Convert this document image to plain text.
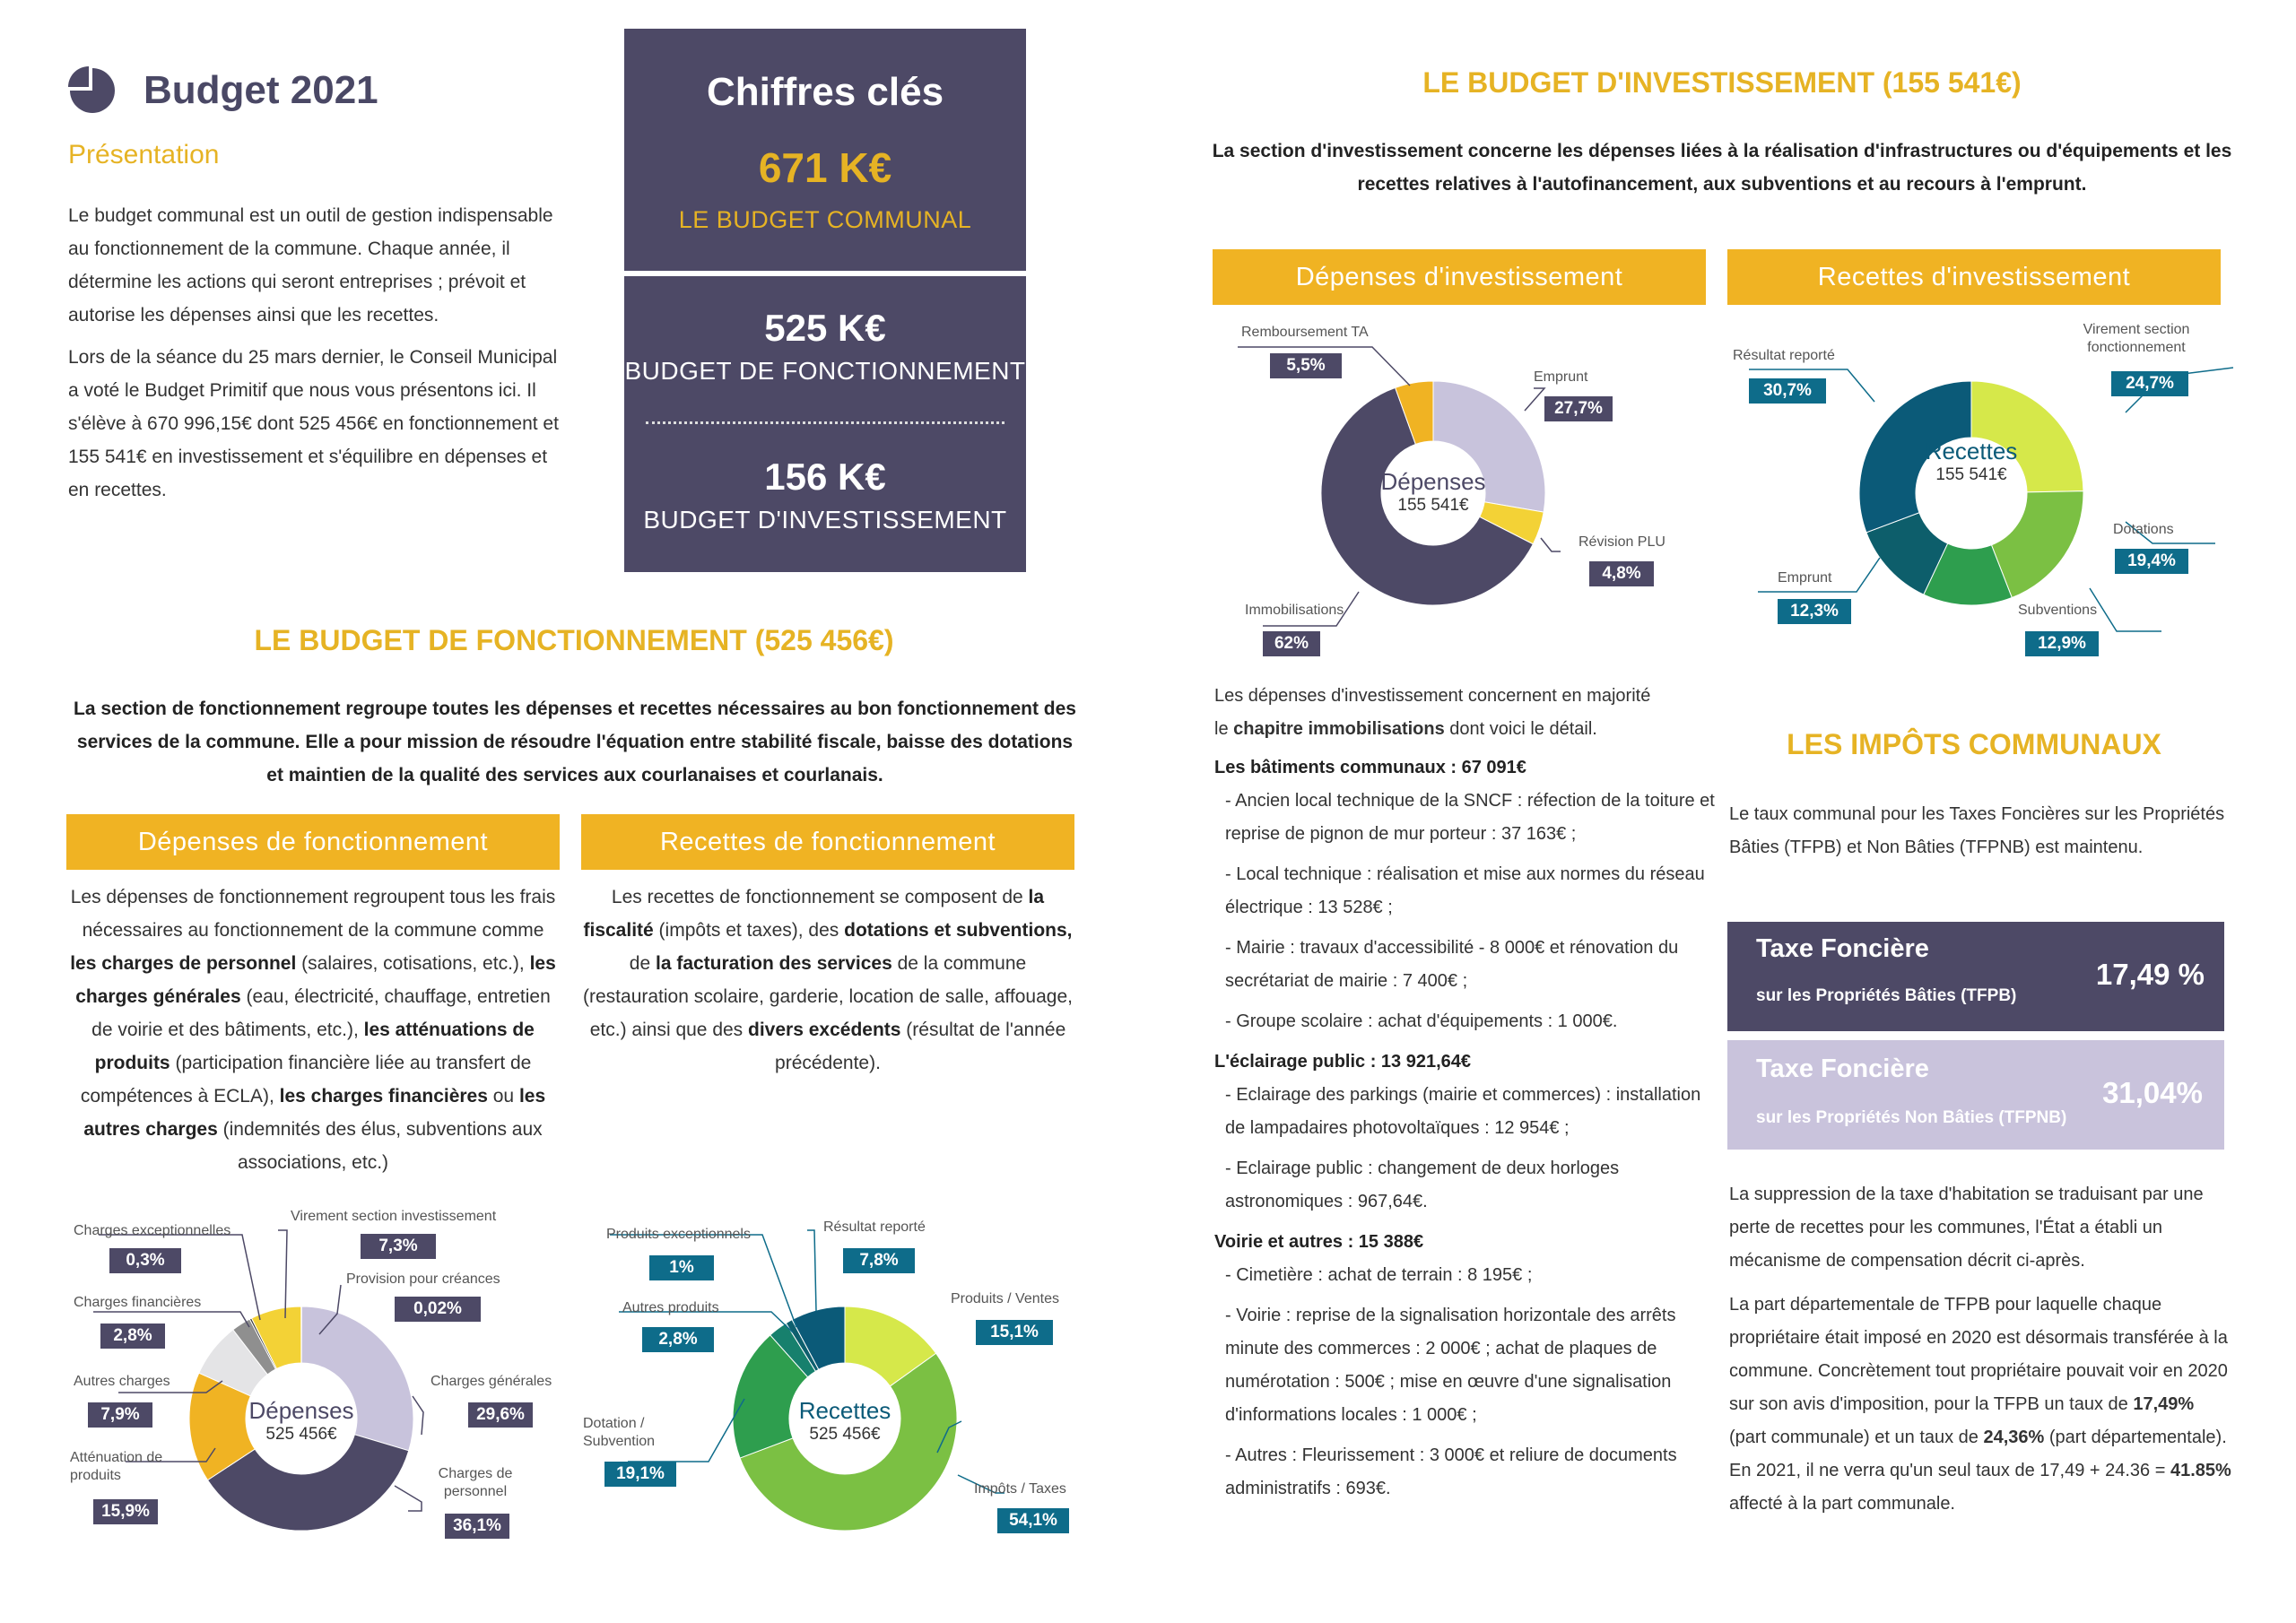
Budget 2021
Présentation

Le budget communal est un outil de gestion indispensable au fonctionnement de la commune. Chaque année, il détermine les actions qui seront entreprises ; prévoit et autorise les dépenses ainsi que les recettes.

Lors de la séance du 25 mars dernier, le Conseil Municipal a voté le Budget Primitif que nous vous présentons ici. Il s'élève à 670 996,15€ dont 525 456€ en fonctionnement et 155 541€ en investissement et s'équilibre en dépenses et en recettes.

Chiffres clés
671 K€
LE BUDGET COMMUNAL
525 K€
BUDGET DE FONCTIONNEMENT
156 K€
BUDGET D'INVESTISSEMENT
LE BUDGET DE FONCTIONNEMENT (525 456€)
La section de fonctionnement regroupe toutes les dépenses et recettes nécessaires au bon fonctionnement des services de la commune. Elle a pour mission de résoudre l'équation entre stabilité fiscale, baisse des dotations et maintien de la qualité des services aux courlanaises et courlanais.
Dépenses de fonctionnement	Recettes de fonctionnement
Les dépenses de fonctionnement regroupent tous les frais nécessaires au fonctionnement de la commune comme les charges de personnel (salaires, cotisations, etc.), les charges générales (eau, électricité, chauffage, entretien de voirie et des bâtiments, etc.), les atténuations de produits (participation financière liée au transfert de compétences à ECLA), les charges financières ou les autres charges (indemnités des élus, subventions aux associations, etc.)
Les recettes de fonctionnement se composent de la fiscalité (impôts et taxes), des dotations et subventions, de la facturation des services de la commune (restauration scolaire, garderie, location de salle, affouage, etc.) ainsi que des divers excédents (résultat de l'année précédente).
Dépenses
525 456€
Charges exceptionnelles
0,3%
Charges financières
2,8%
Autres charges
7,9%
Atténuation de produits
15,9%
Virement section investissement
7,3%
Provision pour créances
0,02%
Charges générales
29,6%
Charges de personnel
36,1%
Recettes
525 456€
Produits exceptionnels
1%
Autres produits
2,8%
Dotation / Subvention
19,1%
Résultat reporté
7,8%
Produits / Ventes
15,1%
Impôts / Taxes
54,1%
LE BUDGET D'INVESTISSEMENT (155 541€)
La section d'investissement concerne les dépenses liées à la réalisation d'infrastructures ou d'équipements et les recettes relatives à l'autofinancement, aux subventions et au recours à l'emprunt.
Dépenses d'investissement	Recettes d'investissement
Dépenses
155 541€
Remboursement TA
5,5%
Emprunt
27,7%
Révision PLU
4,8%
Immobilisations
62%
Recettes
155 541€
Résultat reporté
30,7%
Virement section fonctionnement
24,7%
Dotations
19,4%
Emprunt
12,3%	Subventions
12,9%

Les dépenses d'investissement concernent en majorité

le chapitre immobilisations dont voici le détail.

Les bâtiments communaux : 67 091€

- Ancien local technique de la SNCF : réfection de la toiture et reprise de pignon de mur porteur : 37 163€ ;

- Local technique : réalisation et mise aux normes du réseau électrique : 13 528€ ;

- Mairie : travaux d'accessibilité - 8 000€ et rénovation du secrétariat de mairie : 7 400€ ;

- Groupe scolaire : achat d'équipements : 1 000€.

L'éclairage public : 13 921,64€

- Eclairage des parkings (mairie et commerces) : installation de lampadaires photovoltaïques : 12 954€ ;

- Eclairage public : changement de deux horloges astronomiques : 967,64€.

Voirie et autres : 15 388€

- Cimetière : achat de terrain : 8 195€ ;

- Voirie : reprise de la signalisation horizontale des arrêts minute des commerces : 2 000€ ; achat de plaques de numérotation : 500€ ; mise en œuvre d'une signalisation d'informations locales : 1 000€ ;

- Autres : Fleurissement : 3 000€ et reliure de documents administratifs : 693€.

LES IMPÔTS COMMUNAUX
Le taux communal pour les Taxes Foncières sur les Propriétés Bâties (TFPB) et Non Bâties (TFPNB) est maintenu.
Taxe Foncière
sur les Propriétés Bâties (TFPB)
17,49 %
Taxe Foncière
sur les Propriétés Non Bâties (TFPNB)
31,04%

La suppression de la taxe d'habitation se traduisant par une perte de recettes pour les communes, l'État a établi un mécanisme de compensation décrit ci-après.

La part départementale de TFPB pour laquelle chaque propriétaire était imposé en 2020 est désormais transférée à la commune. Concrètement tout propriétaire pouvait voir en 2020 sur son avis d'imposition, pour la TFPB un taux de 17,49% (part communale) et un taux de 24,36% (part départementale). En 2021, il ne verra qu'un seul taux de 17,49 + 24.36 = 41.85% affecté à la part communale.
